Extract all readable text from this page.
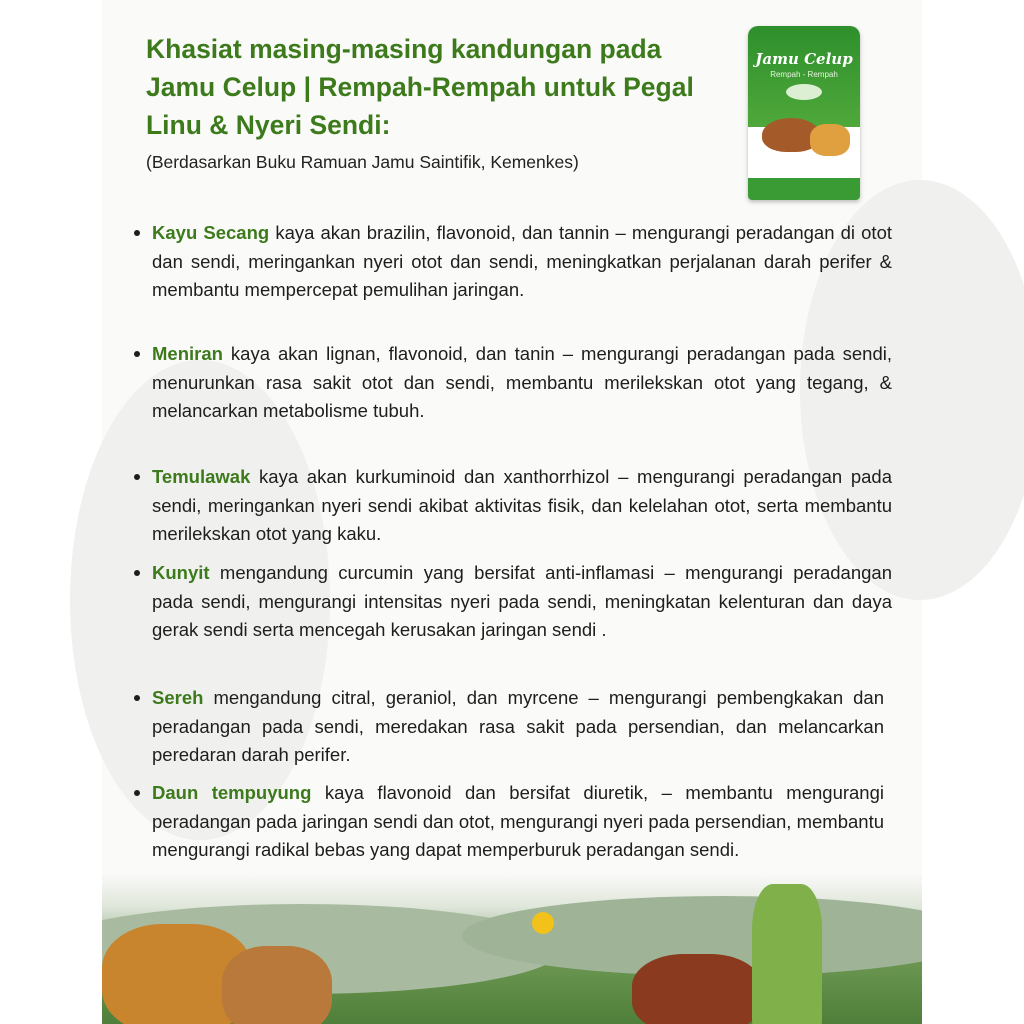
Khasiat masing-masing kandungan pada Jamu Celup | Rempah-Rempah untuk Pegal Linu & Nyeri Sendi:

(Berdasarkan Buku Ramuan Jamu Saintifik, Kemenkes)

Jamu Celup
Rempah - Rempah
Kayu Secang kaya akan brazilin, flavonoid, dan tannin – mengurangi peradangan di otot dan sendi, meringankan nyeri otot dan sendi, meningkatkan perjalanan darah perifer & membantu mempercepat pemulihan jaringan.
Meniran kaya akan lignan, flavonoid, dan tanin – mengurangi peradangan pada sendi, menurunkan rasa sakit otot dan sendi, membantu merilekskan otot yang tegang, & melancarkan metabolisme tubuh.
Temulawak kaya akan kurkuminoid dan xanthorrhizol – mengurangi peradangan pada sendi, meringankan nyeri sendi akibat aktivitas fisik, dan kelelahan otot, serta membantu merilekskan otot yang kaku.
Kunyit mengandung curcumin yang bersifat anti-inflamasi – mengurangi peradangan pada sendi, mengurangi intensitas nyeri pada sendi, meningkatan kelenturan dan daya gerak sendi serta mencegah kerusakan jaringan sendi .
Sereh mengandung citral, geraniol, dan myrcene – mengurangi pembengkakan dan peradangan pada sendi, meredakan rasa sakit pada persendian, dan melancarkan peredaran darah perifer.
Daun tempuyung kaya flavonoid dan bersifat diuretik, – membantu mengurangi peradangan pada jaringan sendi dan otot, mengurangi nyeri pada persendian, membantu mengurangi radikal bebas yang dapat memperburuk peradangan sendi.
